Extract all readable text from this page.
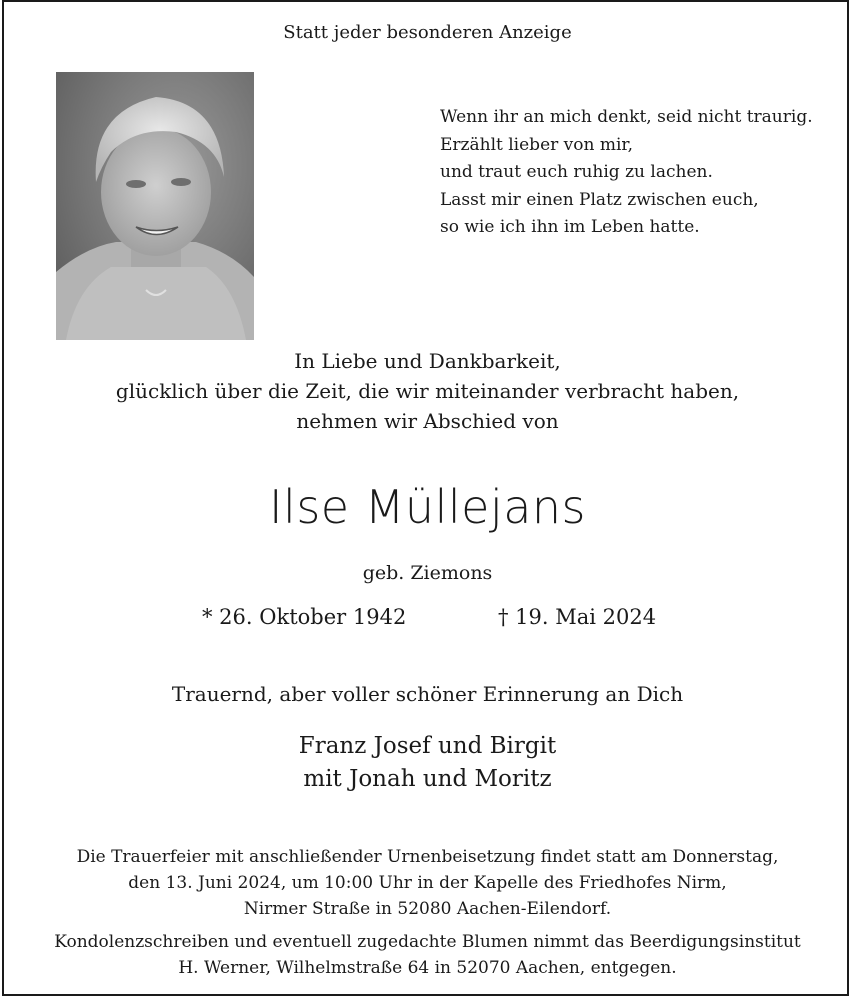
Statt jeder besonderen Anzeige
Wenn ihr an mich denkt, seid nicht traurig.
Erzählt lieber von mir,
und traut euch ruhig zu lachen.
Lasst mir einen Platz zwischen euch,
so wie ich ihn im Leben hatte.
In Liebe und Dankbarkeit,
glücklich über die Zeit, die wir miteinander verbracht haben,
nehmen wir Abschied von
Ilse Müllejans
geb. Ziemons
* 26. Oktober 1942	† 19. Mai 2024
Trauernd, aber voller schöner Erinnerung an Dich
Franz Josef und Birgit
mit Jonah und Moritz
Die Trauerfeier mit anschließender Urnenbeisetzung findet statt am Donnerstag,
den 13. Juni 2024, um 10:00 Uhr in der Kapelle des Friedhofes Nirm,
Nirmer Straße in 52080 Aachen-Eilendorf.
Kondolenzschreiben und eventuell zugedachte Blumen nimmt das Beerdigungsinstitut
H. Werner, Wilhelmstraße 64 in 52070 Aachen, entgegen.
